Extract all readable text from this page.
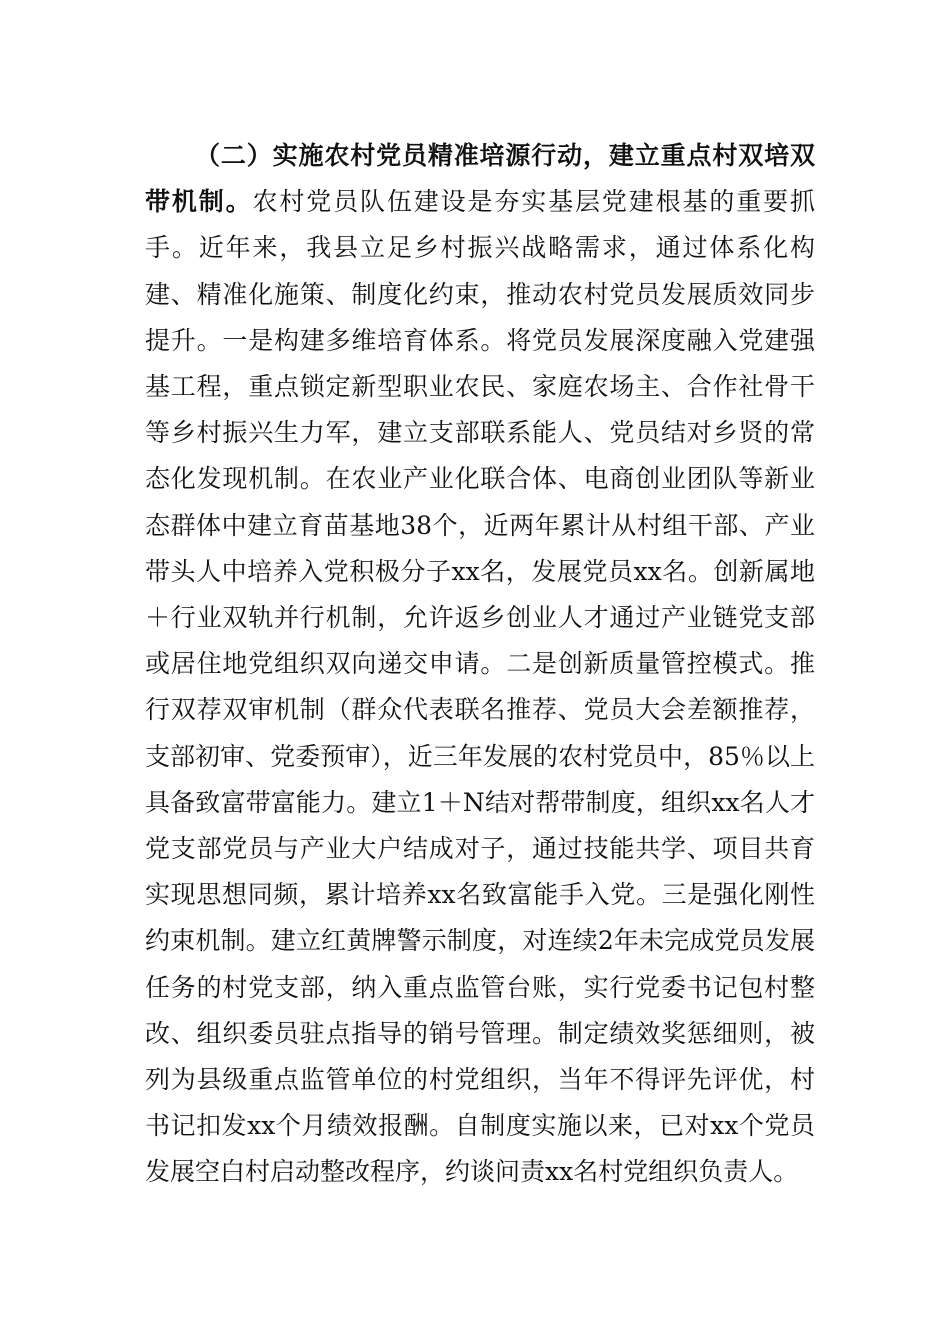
（二）实施农村党员精准培源行动，建立重点村双培双带机制。农村党员队伍建设是夯实基层党建根基的重要抓手。近年来，我县立足乡村振兴战略需求，通过体系化构建、精准化施策、制度化约束，推动农村党员发展质效同步提升。一是构建多维培育体系。将党员发展深度融入党建强基工程，重点锁定新型职业农民、家庭农场主、合作社骨干等乡村振兴生力军，建立支部联系能人、党员结对乡贤的常态化发现机制。在农业产业化联合体、电商创业团队等新业态群体中建立育苗基地38个，近两年累计从村组干部、产业带头人中培养入党积极分子xx名，发展党员xx名。创新属地＋行业双轨并行机制，允许返乡创业人才通过产业链党支部或居住地党组织双向递交申请。二是创新质量管控模式。推行双荐双审机制（群众代表联名推荐、党员大会差额推荐，支部初审、党委预审），近三年发展的农村党员中，85％以上具备致富带富能力。建立1＋N结对帮带制度，组织xx名人才党支部党员与产业大户结成对子，通过技能共学、项目共育实现思想同频，累计培养xx名致富能手入党。三是强化刚性约束机制。建立红黄牌警示制度，对连续2年未完成党员发展任务的村党支部，纳入重点监管台账，实行党委书记包村整改、组织委员驻点指导的销号管理。制定绩效奖惩细则，被列为县级重点监管单位的村党组织，当年不得评先评优，村书记扣发xx个月绩效报酬。自制度实施以来，已对xx个党员发展空白村启动整改程序，约谈问责xx名村党组织负责人。
